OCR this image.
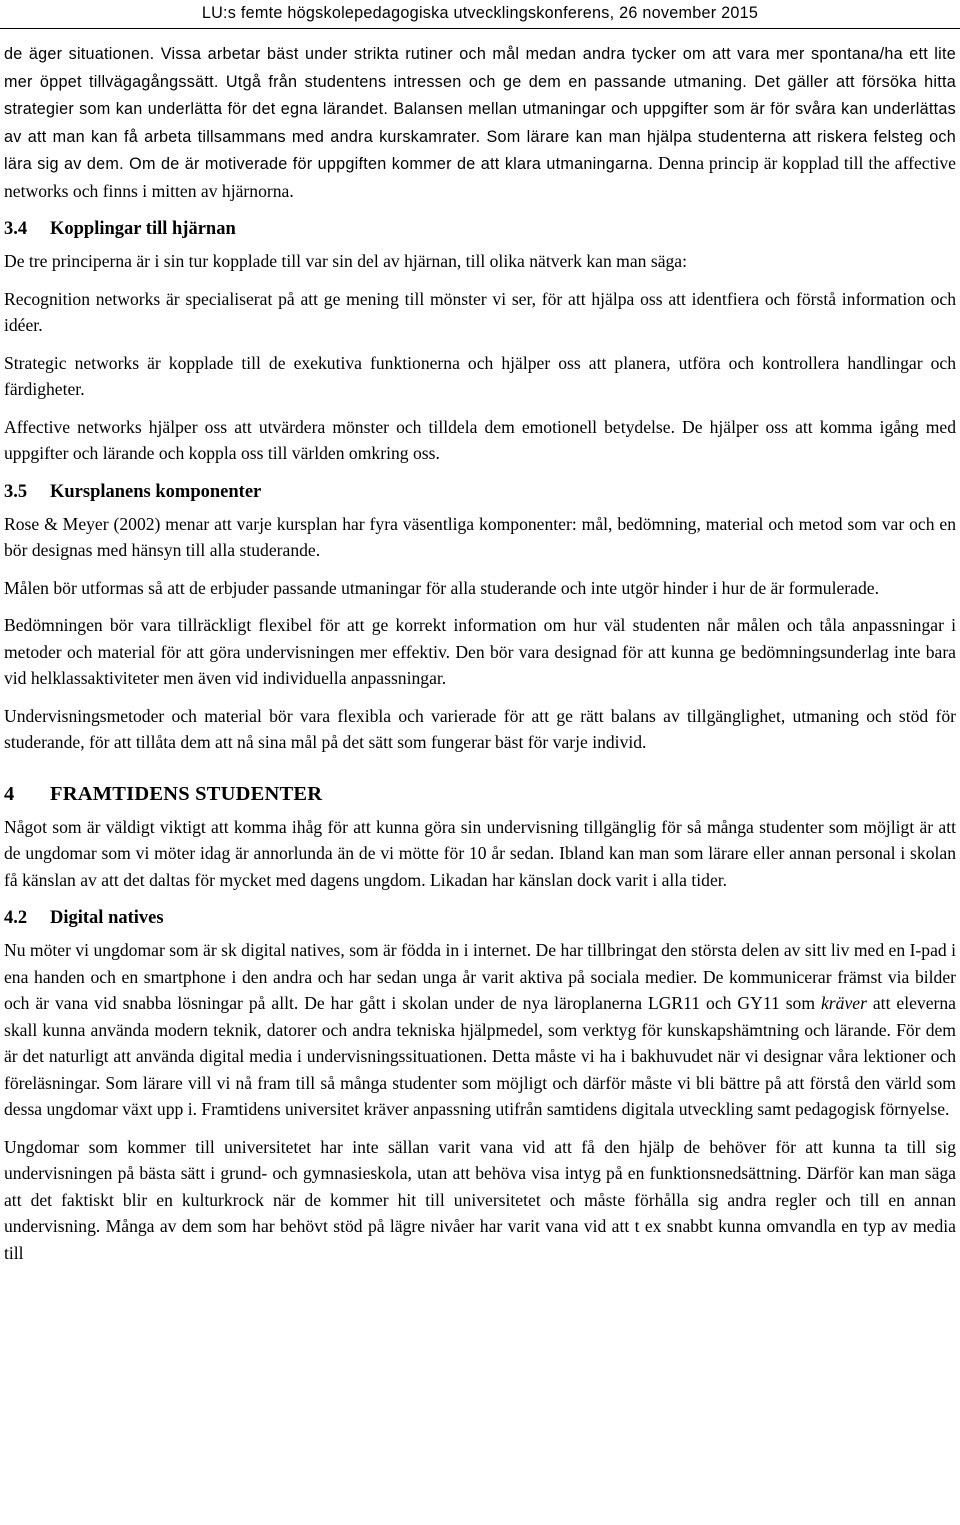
LU:s femte högskolepedagogiska utvecklingskonferens, 26 november 2015

de äger situationen. Vissa arbetar bäst under strikta rutiner och mål medan andra tycker om att vara mer spontana/ha ett lite mer öppet tillvägagångssätt. Utgå från studentens intressen och ge dem en passande utmaning. Det gäller att försöka hitta strategier som kan underlätta för det egna lärandet. Balansen mellan utmaningar och uppgifter som är för svåra kan underlättas av att man kan få arbeta tillsammans med andra kurskamrater. Som lärare kan man hjälpa studenterna att riskera felsteg och lära sig av dem. Om de är motiverade för uppgiften kommer de att klara utmaningarna. Denna princip är kopplad till the affective networks och finns i mitten av hjärnorna.

3.4 Kopplingar till hjärnan

De tre principerna är i sin tur kopplade till var sin del av hjärnan, till olika nätverk kan man säga:

Recognition networks är specialiserat på att ge mening till mönster vi ser, för att hjälpa oss att identfiera och förstå information och idéer.

Strategic networks är kopplade till de exekutiva funktionerna och hjälper oss att planera, utföra och kontrollera handlingar och färdigheter.

Affective networks hjälper oss att utvärdera mönster och tilldela dem emotionell betydelse. De hjälper oss att komma igång med uppgifter och lärande och koppla oss till världen omkring oss.

3.5 Kursplanens komponenter

Rose & Meyer (2002) menar att varje kursplan har fyra väsentliga komponenter: mål, bedömning, material och metod som var och en bör designas med hänsyn till alla studerande.

Målen bör utformas så att de erbjuder passande utmaningar för alla studerande och inte utgör hinder i hur de är formulerade.

Bedömningen bör vara tillräckligt flexibel för att ge korrekt information om hur väl studenten når målen och tåla anpassningar i metoder och material för att göra undervisningen mer effektiv. Den bör vara designad för att kunna ge bedömningsunderlag inte bara vid helklassaktiviteter men även vid individuella anpassningar.

Undervisningsmetoder och material bör vara flexibla och varierade för att ge rätt balans av tillgänglighet, utmaning och stöd för studerande, för att tillåta dem att nå sina mål på det sätt som fungerar bäst för varje individ.

4 FRAMTIDENS STUDENTER

Något som är väldigt viktigt att komma ihåg för att kunna göra sin undervisning tillgänglig för så många studenter som möjligt är att de ungdomar som vi möter idag är annorlunda än de vi mötte för 10 år sedan. Ibland kan man som lärare eller annan personal i skolan få känslan av att det daltas för mycket med dagens ungdom. Likadan har känslan dock varit i alla tider.

4.2 Digital natives

Nu möter vi ungdomar som är sk digital natives, som är födda in i internet. De har tillbringat den största delen av sitt liv med en I-pad i ena handen och en smartphone i den andra och har sedan unga år varit aktiva på sociala medier. De kommunicerar främst via bilder och är vana vid snabba lösningar på allt. De har gått i skolan under de nya läroplanerna LGR11 och GY11 som kräver att eleverna skall kunna använda modern teknik, datorer och andra tekniska hjälpmedel, som verktyg för kunskapshämtning och lärande. För dem är det naturligt att använda digital media i undervisningssituationen. Detta måste vi ha i bakhuvudet när vi designar våra lektioner och föreläsningar. Som lärare vill vi nå fram till så många studenter som möjligt och därför måste vi bli bättre på att förstå den värld som dessa ungdomar växt upp i. Framtidens universitet kräver anpassning utifrån samtidens digitala utveckling samt pedagogisk förnyelse.

Ungdomar som kommer till universitetet har inte sällan varit vana vid att få den hjälp de behöver för att kunna ta till sig undervisningen på bästa sätt i grund- och gymnasieskola, utan att behöva visa intyg på en funktionsnedsättning. Därför kan man säga att det faktiskt blir en kulturkrock när de kommer hit till universitetet och måste förhålla sig andra regler och till en annan undervisning. Många av dem som har behövt stöd på lägre nivåer har varit vana vid att t ex snabbt kunna omvandla en typ av media till
